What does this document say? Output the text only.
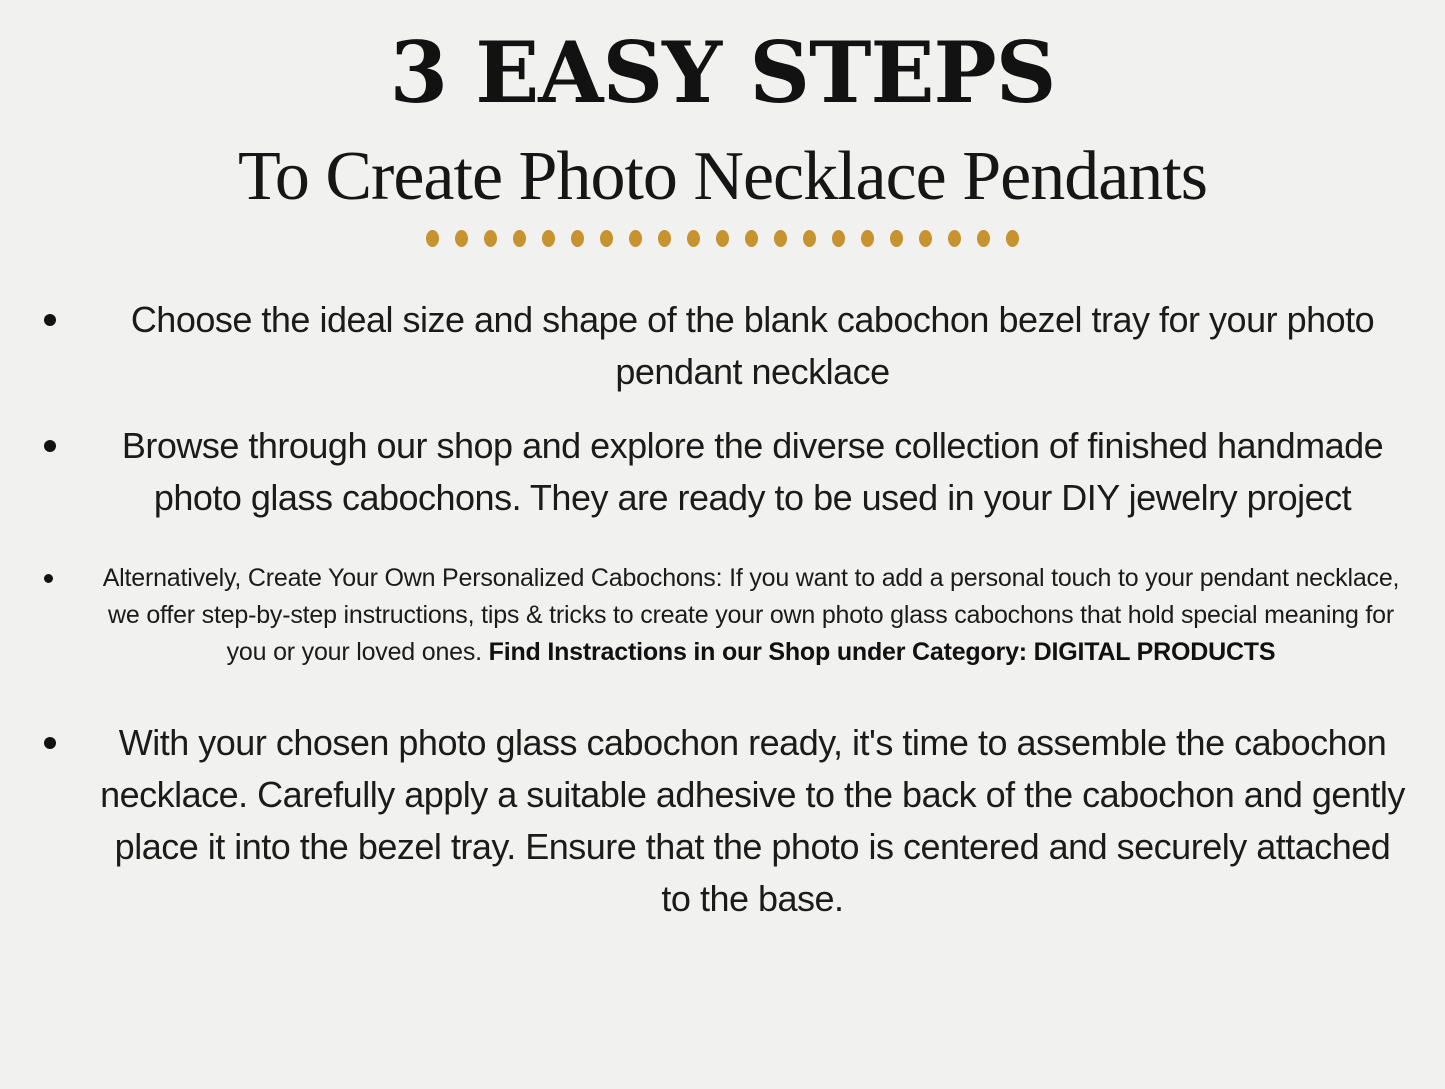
3 EASY STEPS
To Create Photo Necklace Pendants
Choose the ideal size and shape of the blank cabochon bezel tray for your photo pendant necklace
Browse through our shop and explore the diverse collection of finished handmade photo glass cabochons. They are ready to be used in your DIY jewelry project
Alternatively, Create Your Own Personalized Cabochons: If you want to add a personal touch to your pendant necklace, we offer step-by-step instructions, tips & tricks to create your own photo glass cabochons that hold special meaning for you or your loved ones. Find Instractions in our Shop under Category: DIGITAL PRODUCTS
With your chosen photo glass cabochon ready, it's time to assemble the cabochon necklace. Carefully apply a suitable adhesive to the back of the cabochon and gently place it into the bezel tray. Ensure that the photo is centered and securely attached to the base.
